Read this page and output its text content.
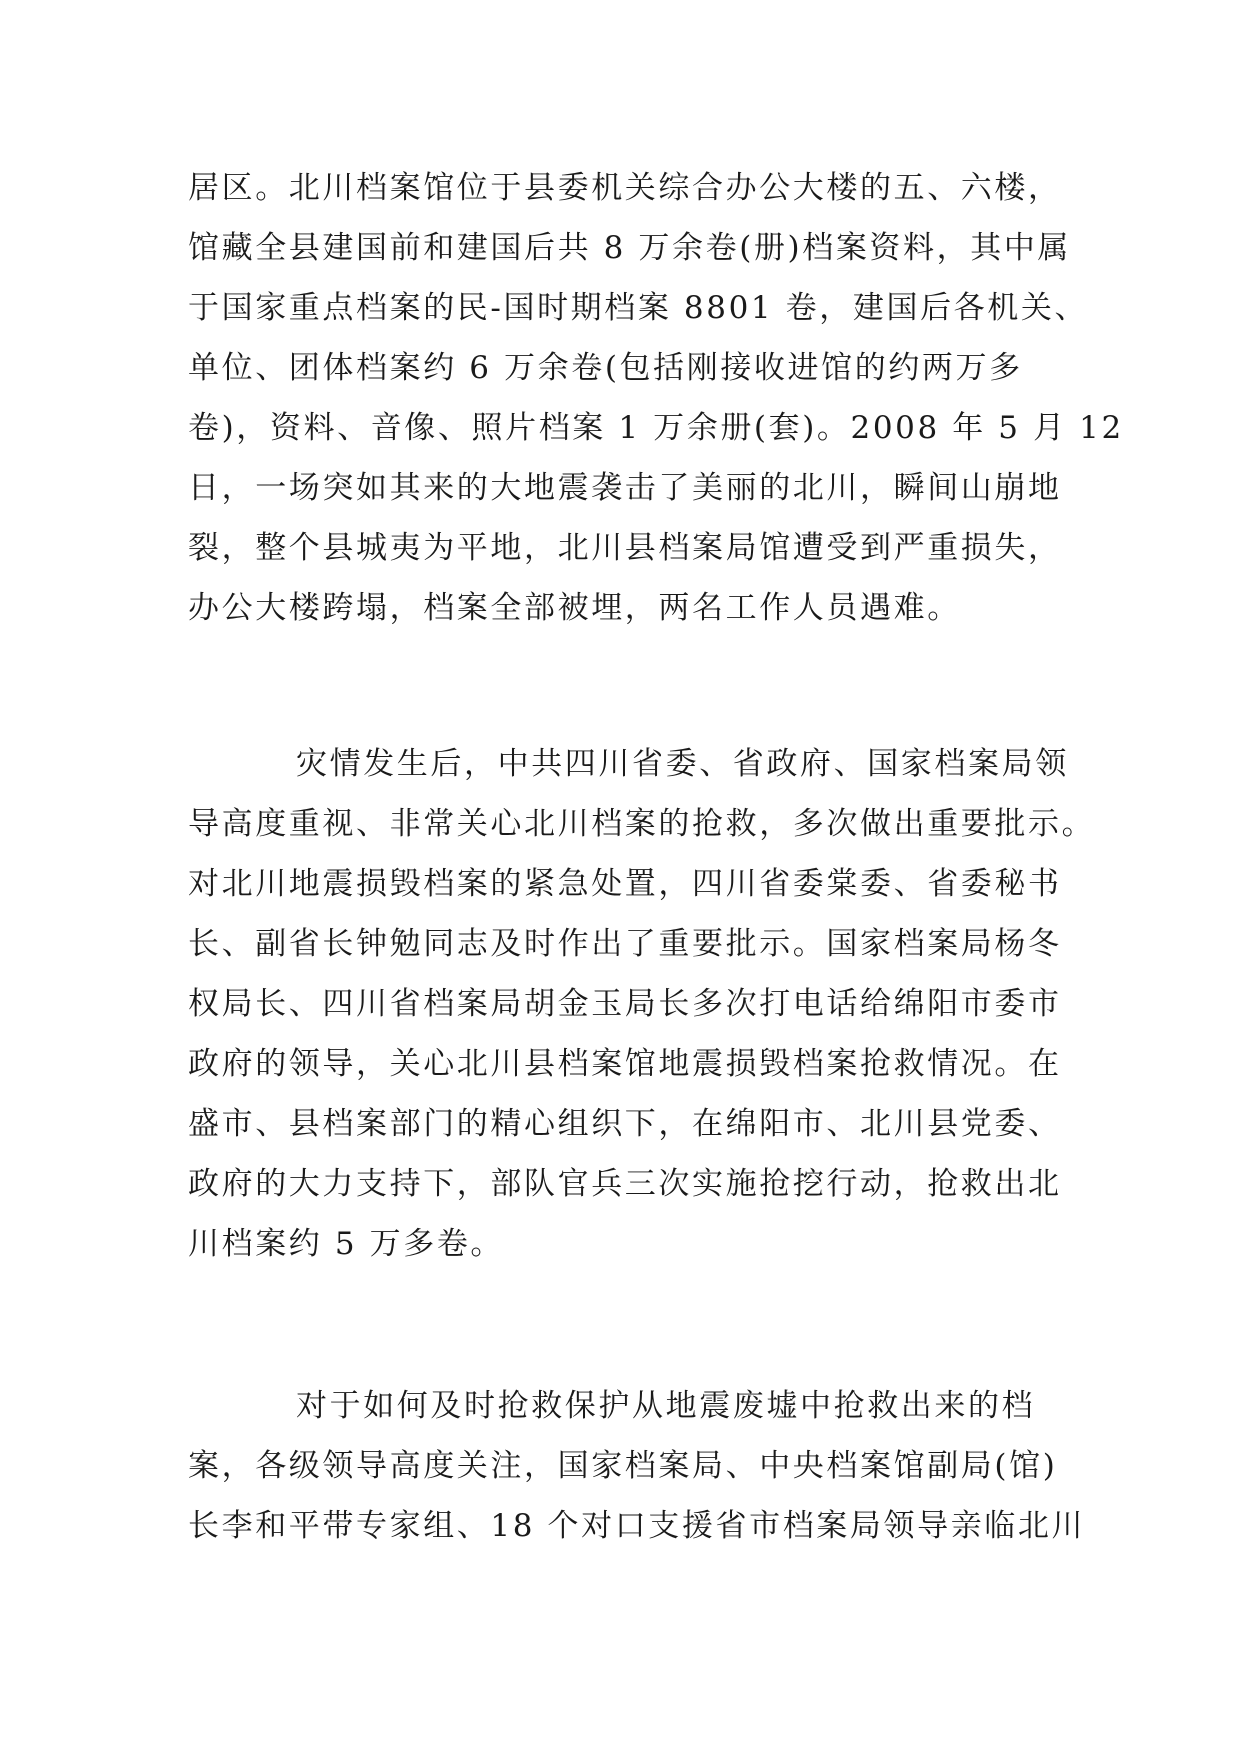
居区。北川档案馆位于县委机关综合办公大楼的五、六楼，
馆藏全县建国前和建国后共 8 万余卷(册)档案资料，其中属
于国家重点档案的民-国时期档案 8801 卷，建国后各机关、
单位、团体档案约 6 万余卷(包括刚接收进馆的约两万多
卷)，资料、音像、照片档案 1 万余册(套)。2008 年 5 月 12
日，一场突如其来的大地震袭击了美丽的北川，瞬间山崩地
裂，整个县城夷为平地，北川县档案局馆遭受到严重损失，
办公大楼跨塌，档案全部被埋，两名工作人员遇难。
灾情发生后，中共四川省委、省政府、国家档案局领
导高度重视、非常关心北川档案的抢救，多次做出重要批示。
对北川地震损毁档案的紧急处置，四川省委棠委、省委秘书
长、副省长钟勉同志及时作出了重要批示。国家档案局杨冬
权局长、四川省档案局胡金玉局长多次打电话给绵阳市委市
政府的领导，关心北川县档案馆地震损毁档案抢救情况。在
盛市、县档案部门的精心组织下，在绵阳市、北川县党委、
政府的大力支持下，部队官兵三次实施抢挖行动，抢救出北
川档案约 5 万多卷。
对于如何及时抢救保护从地震废墟中抢救出来的档
案，各级领导高度关注，国家档案局、中央档案馆副局(馆)
长李和平带专家组、18 个对口支援省市档案局领导亲临北川
